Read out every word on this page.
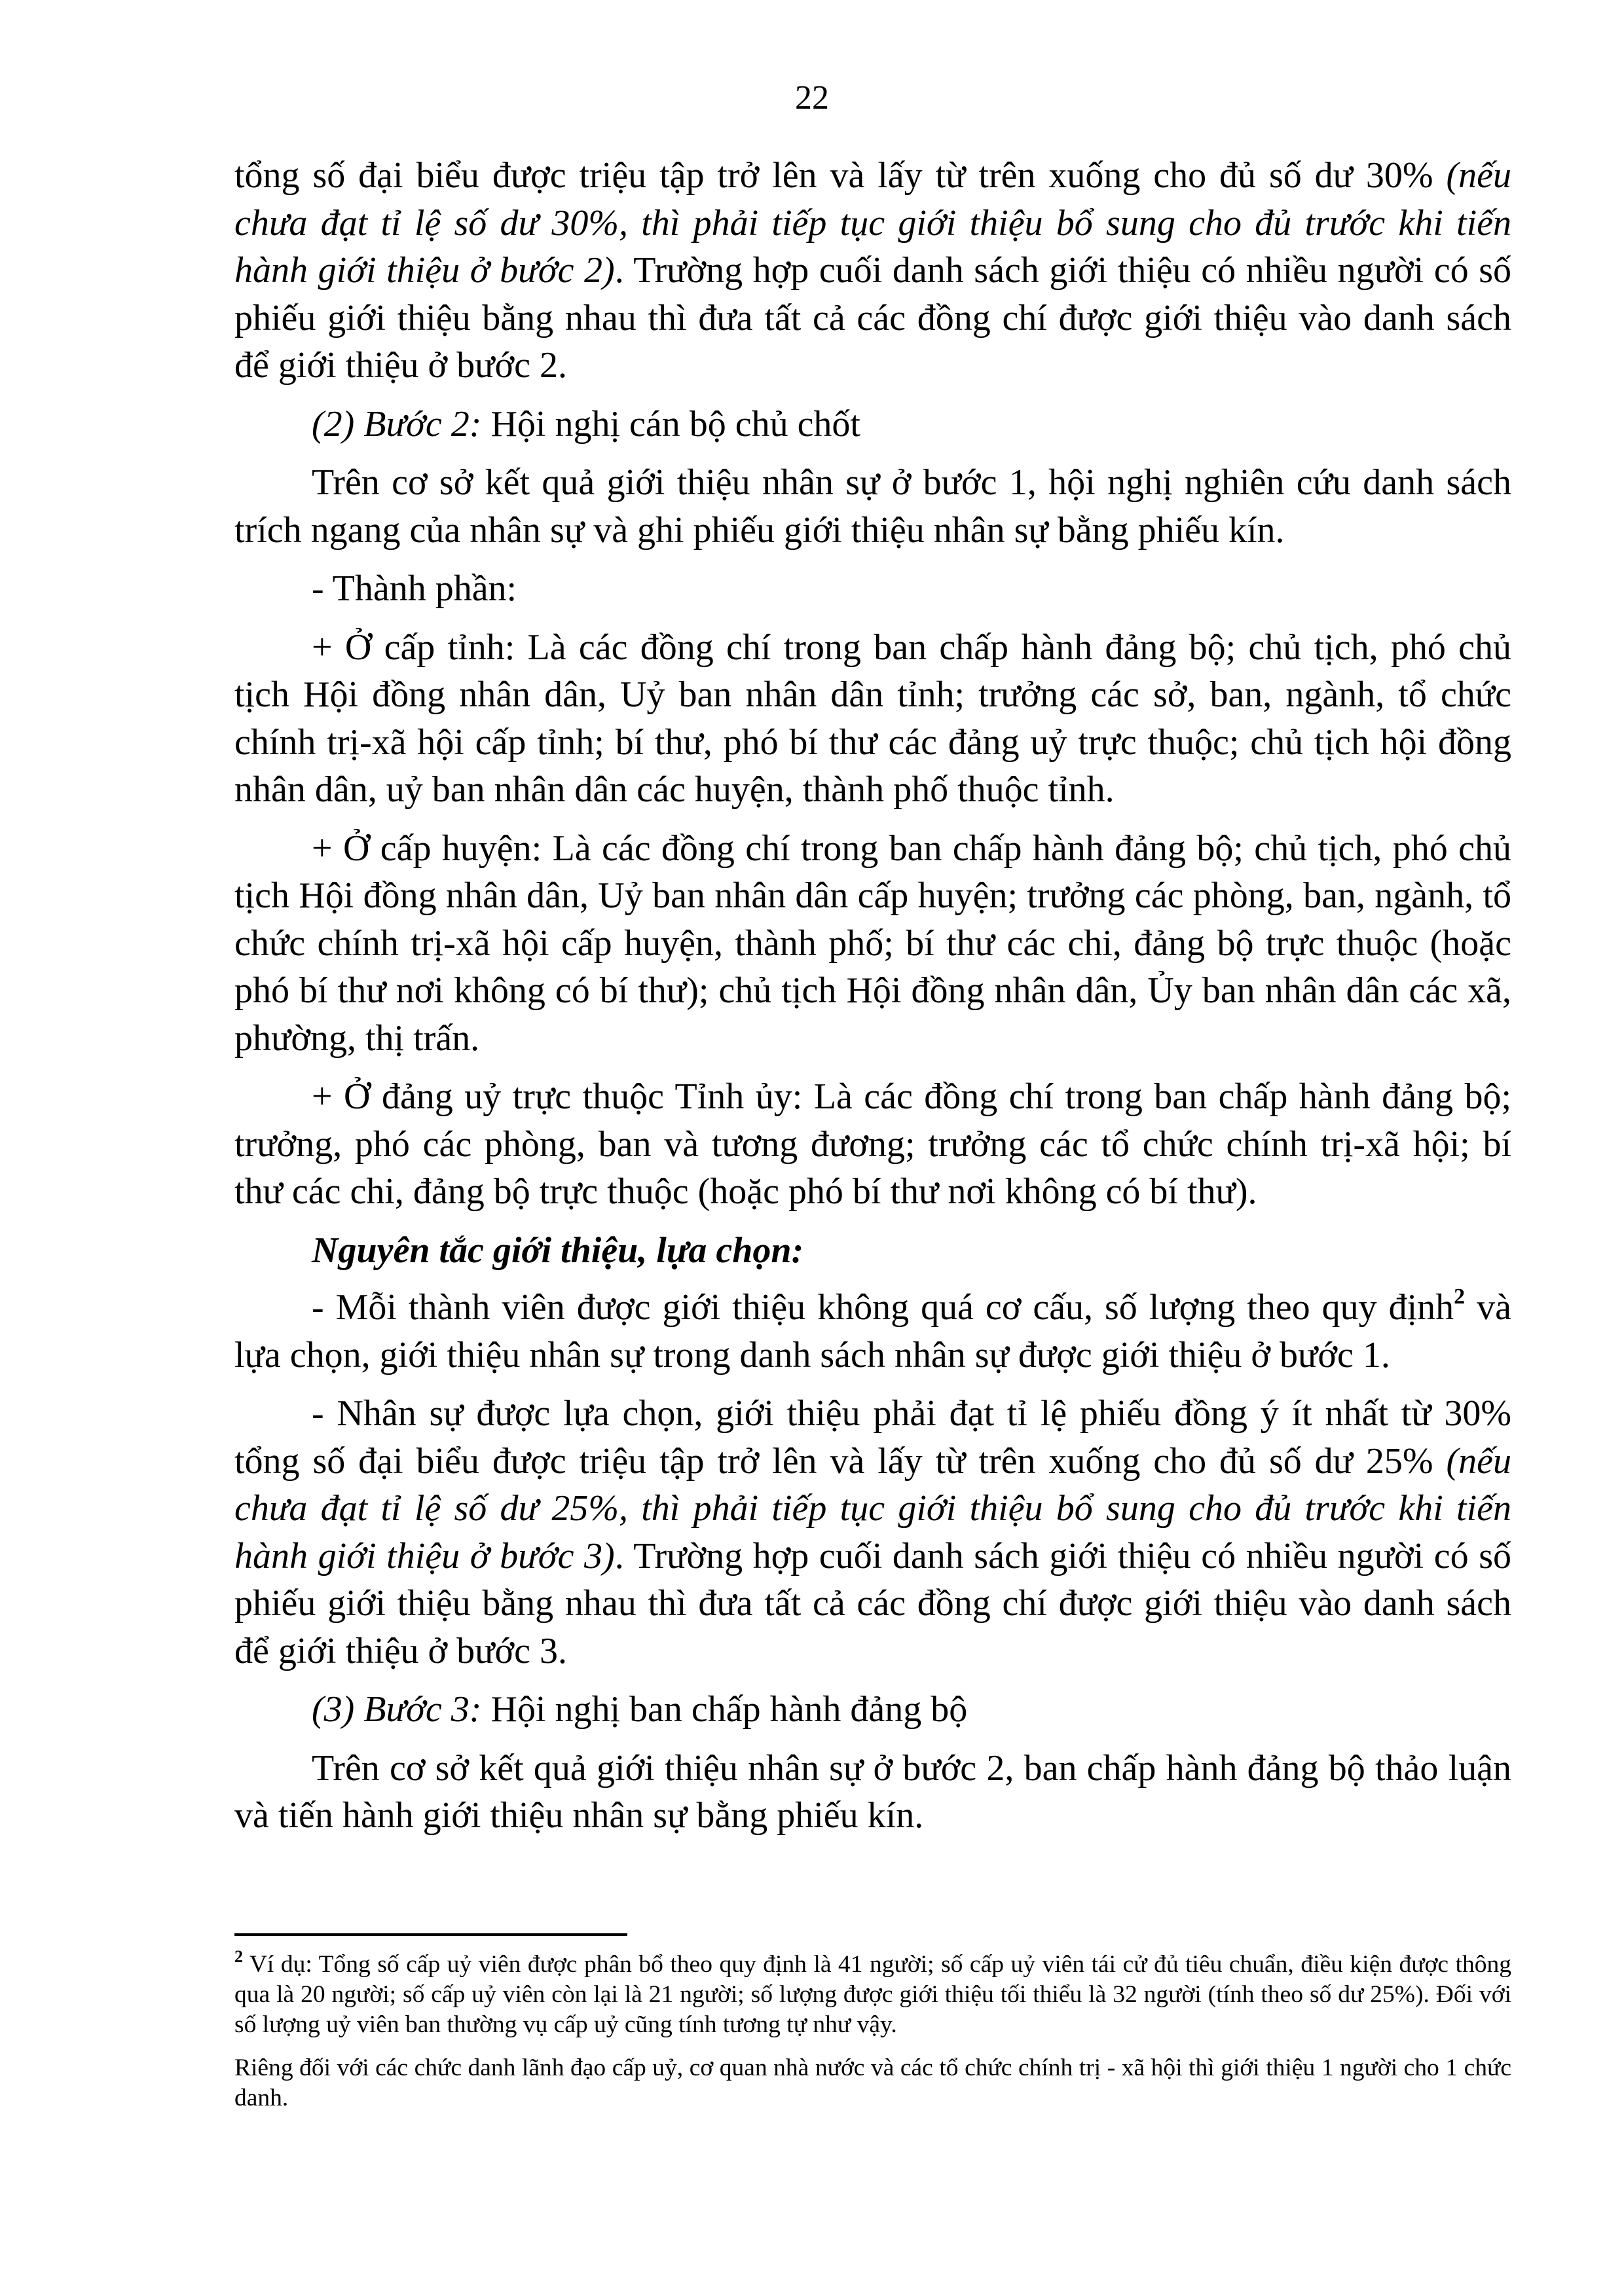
22

tổng số đại biểu được triệu tập trở lên và lấy từ trên xuống cho đủ số dư 30% (nếu chưa đạt tỉ lệ số dư 30%, thì phải tiếp tục giới thiệu bổ sung cho đủ trước khi tiến hành giới thiệu ở bước 2). Trường hợp cuối danh sách giới thiệu có nhiều người có số phiếu giới thiệu bằng nhau thì đưa tất cả các đồng chí được giới thiệu vào danh sách để giới thiệu ở bước 2.

(2) Bước 2: Hội nghị cán bộ chủ chốt

Trên cơ sở kết quả giới thiệu nhân sự ở bước 1, hội nghị nghiên cứu danh sách trích ngang của nhân sự và ghi phiếu giới thiệu nhân sự bằng phiếu kín.

- Thành phần:

+ Ở cấp tỉnh: Là các đồng chí trong ban chấp hành đảng bộ; chủ tịch, phó chủ tịch Hội đồng nhân dân, Uỷ ban nhân dân tỉnh; trưởng các sở, ban, ngành, tổ chức chính trị-xã hội cấp tỉnh; bí thư, phó bí thư các đảng uỷ trực thuộc; chủ tịch hội đồng nhân dân, uỷ ban nhân dân các huyện, thành phố thuộc tỉnh.

+ Ở cấp huyện: Là các đồng chí trong ban chấp hành đảng bộ; chủ tịch, phó chủ tịch Hội đồng nhân dân, Uỷ ban nhân dân cấp huyện; trưởng các phòng, ban, ngành, tổ chức chính trị-xã hội cấp huyện, thành phố; bí thư các chi, đảng bộ trực thuộc (hoặc phó bí thư nơi không có bí thư); chủ tịch Hội đồng nhân dân, Ủy ban nhân dân các xã, phường, thị trấn.

+ Ở đảng uỷ trực thuộc Tỉnh ủy: Là các đồng chí trong ban chấp hành đảng bộ; trưởng, phó các phòng, ban và tương đương; trưởng các tổ chức chính trị-xã hội; bí thư các chi, đảng bộ trực thuộc (hoặc phó bí thư nơi không có bí thư).

Nguyên tắc giới thiệu, lựa chọn:

- Mỗi thành viên được giới thiệu không quá cơ cấu, số lượng theo quy định$^2$ và lựa chọn, giới thiệu nhân sự trong danh sách nhân sự được giới thiệu ở bước 1.

- Nhân sự được lựa chọn, giới thiệu phải đạt tỉ lệ phiếu đồng ý ít nhất từ 30% tổng số đại biểu được triệu tập trở lên và lấy từ trên xuống cho đủ số dư 25% (nếu chưa đạt tỉ lệ số dư 25%, thì phải tiếp tục giới thiệu bổ sung cho đủ trước khi tiến hành giới thiệu ở bước 3). Trường hợp cuối danh sách giới thiệu có nhiều người có số phiếu giới thiệu bằng nhau thì đưa tất cả các đồng chí được giới thiệu vào danh sách để giới thiệu ở bước 3.

(3) Bước 3: Hội nghị ban chấp hành đảng bộ

Trên cơ sở kết quả giới thiệu nhân sự ở bước 2, ban chấp hành đảng bộ thảo luận và tiến hành giới thiệu nhân sự bằng phiếu kín.

$^2$ Ví dụ: Tổng số cấp uỷ viên được phân bổ theo quy định là 41 người; số cấp uỷ viên tái cử đủ tiêu chuẩn, điều kiện được thông qua là 20 người; số cấp uỷ viên còn lại là 21 người; số lượng được giới thiệu tối thiểu là 32 người (tính theo số dư 25%). Đối với số lượng uỷ viên ban thường vụ cấp uỷ cũng tính tương tự như vậy.

Riêng đối với các chức danh lãnh đạo cấp uỷ, cơ quan nhà nước và các tổ chức chính trị - xã hội thì giới thiệu 1 người cho 1 chức danh.
